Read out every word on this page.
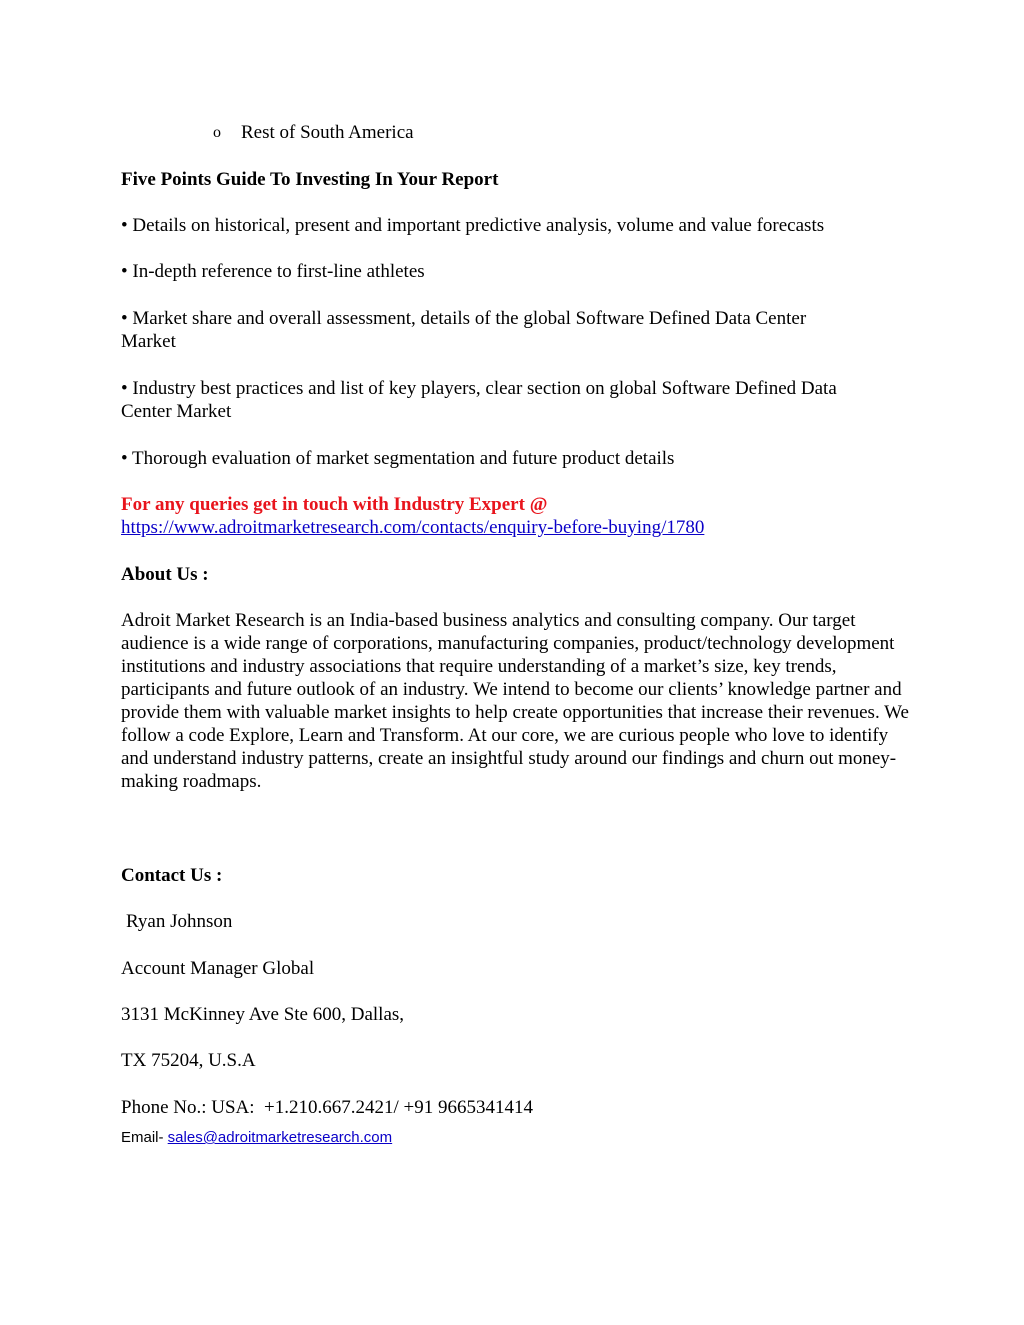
o Rest of South America
Five Points Guide To Investing In Your Report
• Details on historical, present and important predictive analysis, volume and value forecasts
• In-depth reference to first-line athletes
• Market share and overall assessment, details of the global Software Defined Data Center Market
• Industry best practices and list of key players, clear section on global Software Defined Data Center Market
• Thorough evaluation of market segmentation and future product details
For any queries get in touch with Industry Expert @
https://www.adroitmarketresearch.com/contacts/enquiry-before-buying/1780
About Us :
Adroit Market Research is an India-based business analytics and consulting company. Our target audience is a wide range of corporations, manufacturing companies, product/technology development institutions and industry associations that require understanding of a market’s size, key trends, participants and future outlook of an industry. We intend to become our clients’ knowledge partner and provide them with valuable market insights to help create opportunities that increase their revenues. We follow a code Explore, Learn and Transform. At our core, we are curious people who love to identify and understand industry patterns, create an insightful study around our findings and churn out money-making roadmaps.
Contact Us :
Ryan Johnson
Account Manager Global
3131 McKinney Ave Ste 600, Dallas,
TX 75204, U.S.A
Phone No.: USA:  +1.210.667.2421/ +91 9665341414
Email- sales@adroitmarketresearch.com
